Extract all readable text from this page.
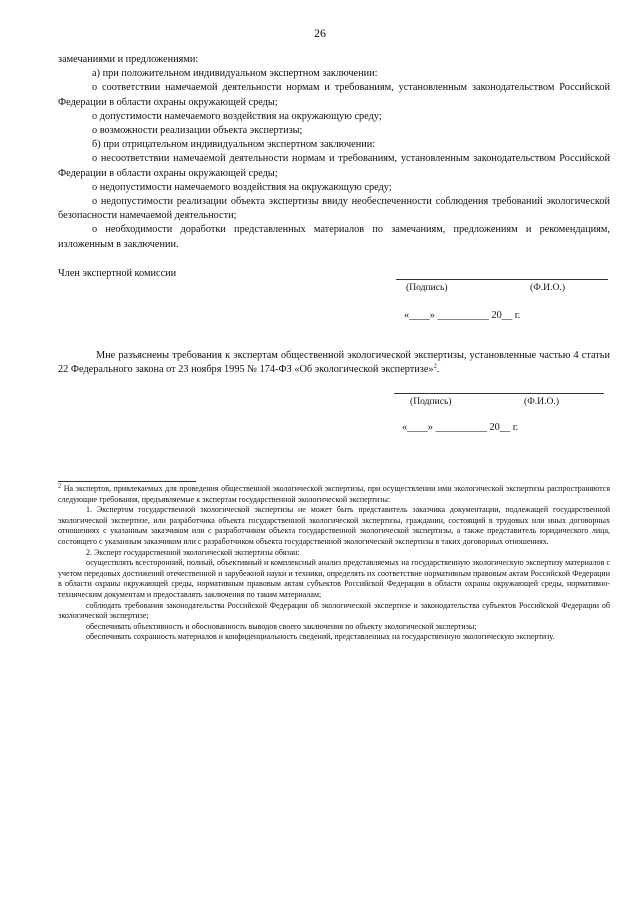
26

замечаниями и предложениями:

а) при положительном индивидуальном экспертном заключении:

о соответствии намечаемой деятельности нормам и требованиям, установленным законодательством Российской Федерации в области охраны окружающей среды;

о допустимости намечаемого воздействия на окружающую среду;

о возможности реализации объекта экспертизы;

б) при отрицательном индивидуальном экспертном заключении:

о несоответствии намечаемой деятельности нормам и требованиям, установленным законодательством Российской Федерации в области охраны окружающей среды;

о недопустимости намечаемого воздействия на окружающую среду;

о недопустимости реализации объекта экспертизы ввиду необеспеченности соблюдения требований экологической безопасности намечаемой деятельности;

о необходимости доработки представленных материалов по замечаниям, предложениям и рекомендациям, изложенным в заключении.

Член экспертной комиссии
(Подпись)	(Ф.И.О.)
«____» __________ 20__ г.

Мне разъяснены требования к экспертам общественной экологической экспертизы, установленные частью 4 статьи 22 Федерального закона от 23 ноября 1995 № 174-ФЗ «Об экологической экспертизе»$^2$.

(Подпись)	(Ф.И.О.)
«____» __________ 20__ г.

$^2$ На экспертов, привлекаемых для проведения общественной экологической экспертизы, при осуществлении ими экологической экспертизы распространяются следующие требования, предъявляемые к экспертам государственной экологической экспертизы:

1. Экспертом государственной экологической экспертизы не может быть представитель заказчика документации, подлежащей государственной экологической экспертизе, или разработчика объекта государственной экологической экспертизы, гражданин, состоящий в трудовых или иных договорных отношениях с указанным заказчиком или с разработчиком объекта государственной экологической экспертизы, а также представитель юридического лица, состоящего с указанным заказчиком или с разработчиком объекта государственной экологической экспертизы в таких договорных отношениях.

2. Эксперт государственной экологической экспертизы обязан:

осуществлять всесторонний, полный, объективный и комплексный анализ представляемых на государственную экологическую экспертизу материалов с учетом передовых достижений отечественной и зарубежной науки и техники, определять их соответствие нормативным правовым актам Российской Федерации в области охраны окружающей среды, нормативным правовым актам субъектов Российской Федерации в области охраны окружающей среды, нормативно-техническим документам и предоставлять заключения по таким материалам;

соблюдать требования законодательства Российской Федерации об экологической экспертизе и законодательства субъектов Российской Федерации об экологической экспертизе;

обеспечивать объективность и обоснованность выводов своего заключения по объекту экологической экспертизы;

обеспечивать сохранность материалов и конфиденциальность сведений, представленных на государственную экологическую экспертизу.
